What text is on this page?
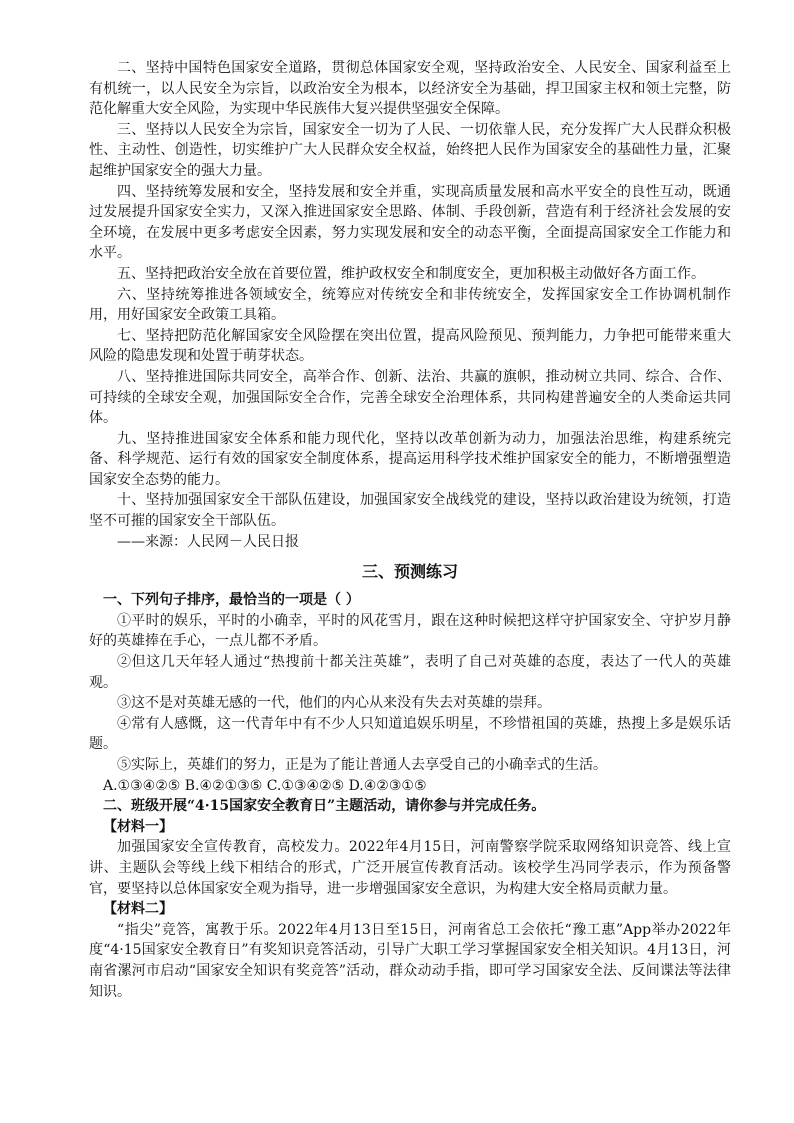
二、坚持中国特色国家安全道路，贯彻总体国家安全观，坚持政治安全、人民安全、国家利益至上有机统一，以人民安全为宗旨，以政治安全为根本，以经济安全为基础，捍卫国家主权和领土完整，防范化解重大安全风险，为实现中华民族伟大复兴提供坚强安全保障。

三、坚持以人民安全为宗旨，国家安全一切为了人民、一切依靠人民，充分发挥广大人民群众积极性、主动性、创造性，切实维护广大人民群众安全权益，始终把人民作为国家安全的基础性力量，汇聚起维护国家安全的强大力量。

四、坚持统筹发展和安全，坚持发展和安全并重，实现高质量发展和高水平安全的良性互动，既通过发展提升国家安全实力，又深入推进国家安全思路、体制、手段创新，营造有利于经济社会发展的安全环境，在发展中更多考虑安全因素，努力实现发展和安全的动态平衡，全面提高国家安全工作能力和水平。

五、坚持把政治安全放在首要位置，维护政权安全和制度安全，更加积极主动做好各方面工作。

六、坚持统筹推进各领域安全，统筹应对传统安全和非传统安全，发挥国家安全工作协调机制作用，用好国家安全政策工具箱。

七、坚持把防范化解国家安全风险摆在突出位置，提高风险预见、预判能力，力争把可能带来重大风险的隐患发现和处置于萌芽状态。

八、坚持推进国际共同安全，高举合作、创新、法治、共赢的旗帜，推动树立共同、综合、合作、可持续的全球安全观，加强国际安全合作，完善全球安全治理体系，共同构建普遍安全的人类命运共同体。

九、坚持推进国家安全体系和能力现代化，坚持以改革创新为动力，加强法治思维，构建系统完备、科学规范、运行有效的国家安全制度体系，提高运用科学技术维护国家安全的能力，不断增强塑造国家安全态势的能力。

十、坚持加强国家安全干部队伍建设，加强国家安全战线党的建设，坚持以政治建设为统领，打造坚不可摧的国家安全干部队伍。

——来源：人民网－人民日报

三、预测练习

一、下列句子排序，最恰当的一项是（ ）

①平时的娱乐，平时的小确幸，平时的风花雪月，跟在这种时候把这样守护国家安全、守护岁月静好的英雄捧在手心，一点儿都不矛盾。

②但这几天年轻人通过“热搜前十都关注英雄”，表明了自己对英雄的态度，表达了一代人的英雄观。

③这不是对英雄无感的一代，他们的内心从来没有失去对英雄的崇拜。

④常有人感慨，这一代青年中有不少人只知道追娱乐明星，不珍惜祖国的英雄，热搜上多是娱乐话题。

⑤实际上，英雄们的努力，正是为了能让普通人去享受自己的小确幸式的生活。

A.①③④②⑤ B.④②①③⑤ C.①③④②⑤ D.④②③①⑤

二、班级开展“4·15国家安全教育日”主题活动，请你参与并完成任务。

【材料一】

加强国家安全宣传教育，高校发力。2022年4月15日，河南警察学院采取网络知识竞答、线上宣讲、主题队会等线上线下相结合的形式，广泛开展宣传教育活动。该校学生冯同学表示，作为预备警官，要坚持以总体国家安全观为指导，进一步增强国家安全意识，为构建大安全格局贡献力量。

【材料二】

“指尖”竞答，寓教于乐。2022年4月13日至15日，河南省总工会依托“豫工惠”App举办2022年度“4·15国家安全教育日”有奖知识竞答活动，引导广大职工学习掌握国家安全相关知识。4月13日，河南省漯河市启动“国家安全知识有奖竞答”活动，群众动动手指，即可学习国家安全法、反间谍法等法律知识。
